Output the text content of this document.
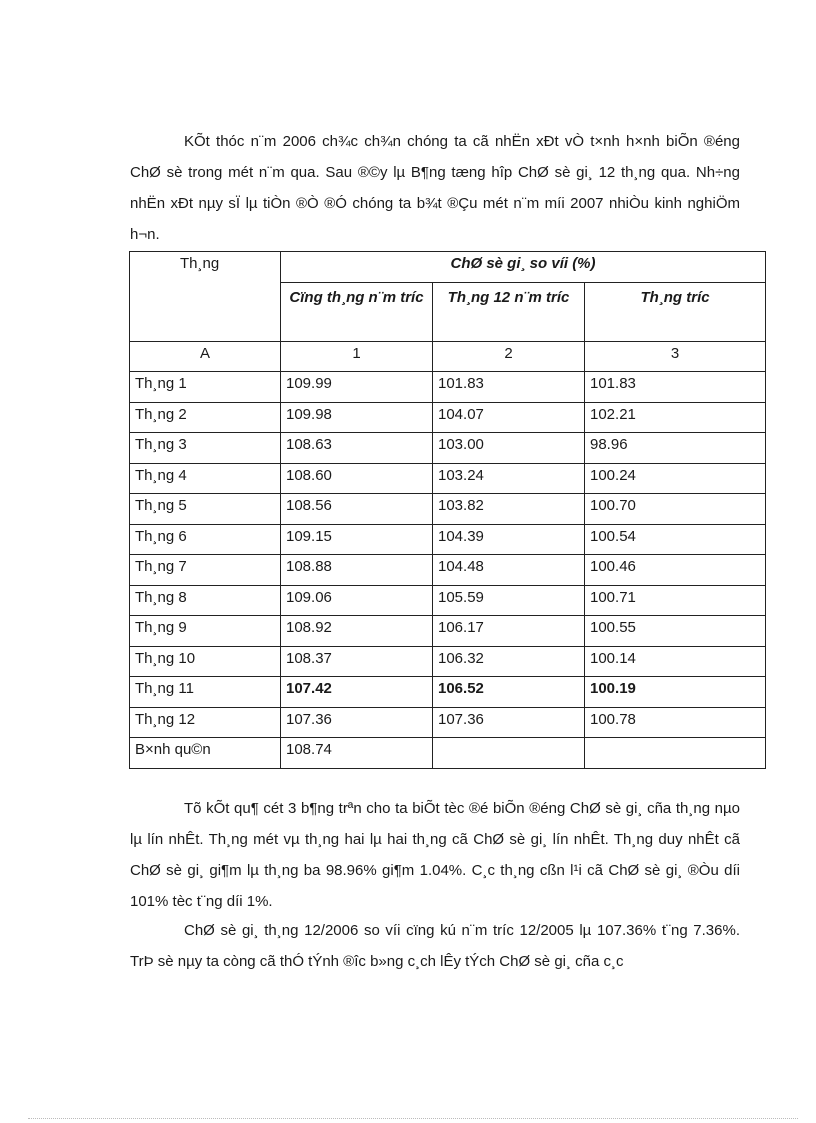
KÕt thóc n¨m 2006 ch¾c ch¾n chóng ta cã nhËn xÐt vÒ t×nh h×nh biÕn ®éng ChØ sè trong mét n¨m qua. Sau ®©y lµ B¶ng tæng hîp ChØ sè gi¸ 12 th¸ng qua. Nh÷ng nhËn xÐt nµy sÏ lµ tiÒn ®Ò ®Ó chóng ta b¾t ®Çu mét n¨m míi 2007 nhiÒu kinh nghiÖm h¬n.

Th¸ng	ChØ sè gi¸ so víi (%)		
	Cïng th¸ng n¨m tríc	Th¸ng 12 n¨m tríc	Th¸ng tríc
A	1	2	3
Th¸ng 1	109.99	101.83	101.83
Th¸ng 2	109.98	104.07	102.21
Th¸ng 3	108.63	103.00	98.96
Th¸ng 4	108.60	103.24	100.24
Th¸ng 5	108.56	103.82	100.70
Th¸ng 6	109.15	104.39	100.54
Th¸ng 7	108.88	104.48	100.46
Th¸ng 8	109.06	105.59	100.71
Th¸ng 9	108.92	106.17	100.55
Th¸ng 10	108.37	106.32	100.14
Th¸ng 11	107.42	106.52	100.19
Th¸ng 12	107.36	107.36	100.78
B×nh qu©n	108.74		

Tõ kÕt qu¶ cét 3 b¶ng trªn cho ta biÕt tèc ®é biÕn ®éng ChØ sè gi¸ cña th¸ng nµo lµ lín nhÊt. Th¸ng mét vµ th¸ng hai lµ hai th¸ng cã ChØ sè gi¸ lín nhÊt. Th¸ng duy nhÊt cã ChØ sè gi¸ gi¶m lµ th¸ng ba 98.96% gi¶m 1.04%. C¸c th¸ng cßn l¹i cã ChØ sè gi¸ ®Òu díi 101% tèc t¨ng díi 1%.

ChØ sè gi¸ th¸ng 12/2006 so víi cïng kú n¨m tríc 12/2005 lµ 107.36% t¨ng 7.36%. TrÞ sè nµy ta còng cã thÓ tÝnh ®îc b»ng c¸ch lÊy tÝch ChØ sè gi¸ cña c¸c
